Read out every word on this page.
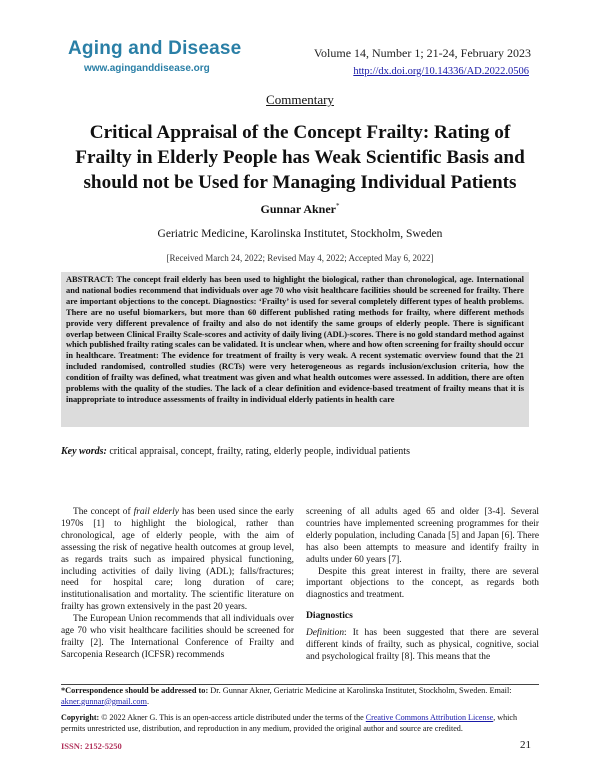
Aging and Disease
www.aginganddisease.org
Volume 14, Number 1; 21-24, February 2023
http://dx.doi.org/10.14336/AD.2022.0506
Commentary
Critical Appraisal of the Concept Frailty: Rating of Frailty in Elderly People has Weak Scientific Basis and should not be Used for Managing Individual Patients
Gunnar Akner*
Geriatric Medicine, Karolinska Institutet, Stockholm, Sweden
[Received March 24, 2022; Revised May 4, 2022; Accepted May 6, 2022]
ABSTRACT: The concept frail elderly has been used to highlight the biological, rather than chronological, age. International and national bodies recommend that individuals over age 70 who visit healthcare facilities should be screened for frailty. There are important objections to the concept. Diagnostics: ‘Frailty’ is used for several completely different types of health problems. There are no useful biomarkers, but more than 60 different published rating methods for frailty, where different methods provide very different prevalence of frailty and also do not identify the same groups of elderly people. There is significant overlap between Clinical Frailty Scale-scores and activity of daily living (ADL)-scores. There is no gold standard method against which published frailty rating scales can be validated. It is unclear when, where and how often screening for frailty should occur in healthcare. Treatment: The evidence for treatment of frailty is very weak. A recent systematic overview found that the 21 included randomised, controlled studies (RCTs) were very heterogeneous as regards inclusion/exclusion criteria, how the condition of frailty was defined, what treatment was given and what health outcomes were assessed. In addition, there are often problems with the quality of the studies. The lack of a clear definition and evidence-based treatment of frailty means that it is inappropriate to introduce assessments of frailty in individual elderly patients in health care
Key words: critical appraisal, concept, frailty, rating, elderly people, individual patients

The concept of frail elderly has been used since the early 1970s [1] to highlight the biological, rather than chronological, age of elderly people, with the aim of assessing the risk of negative health outcomes at group level, as regards traits such as impaired physical functioning, including activities of daily living (ADL); falls/fractures; need for hospital care; long duration of care; institutionalisation and mortality. The scientific literature on frailty has grown extensively in the past 20 years.

The European Union recommends that all individuals over age 70 who visit healthcare facilities should be screened for frailty [2]. The International Conference of Frailty and Sarcopenia Research (ICFSR) recommends

screening of all adults aged 65 and older [3-4]. Several countries have implemented screening programmes for their elderly population, including Canada [5] and Japan [6]. There has also been attempts to measure and identify frailty in adults under 60 years [7].

Despite this great interest in frailty, there are several important objections to the concept, as regards both diagnostics and treatment.

Diagnostics

Definition: It has been suggested that there are several different kinds of frailty, such as physical, cognitive, social and psychological frailty [8]. This means that the

*Correspondence should be addressed to: Dr. Gunnar Akner, Geriatric Medicine at Karolinska Institutet, Stockholm, Sweden. Email: akner.gunnar@gmail.com.
Copyright: © 2022 Akner G. This is an open-access article distributed under the terms of the Creative Commons Attribution License, which permits unrestricted use, distribution, and reproduction in any medium, provided the original author and source are credited.
ISSN: 2152-5250	21
